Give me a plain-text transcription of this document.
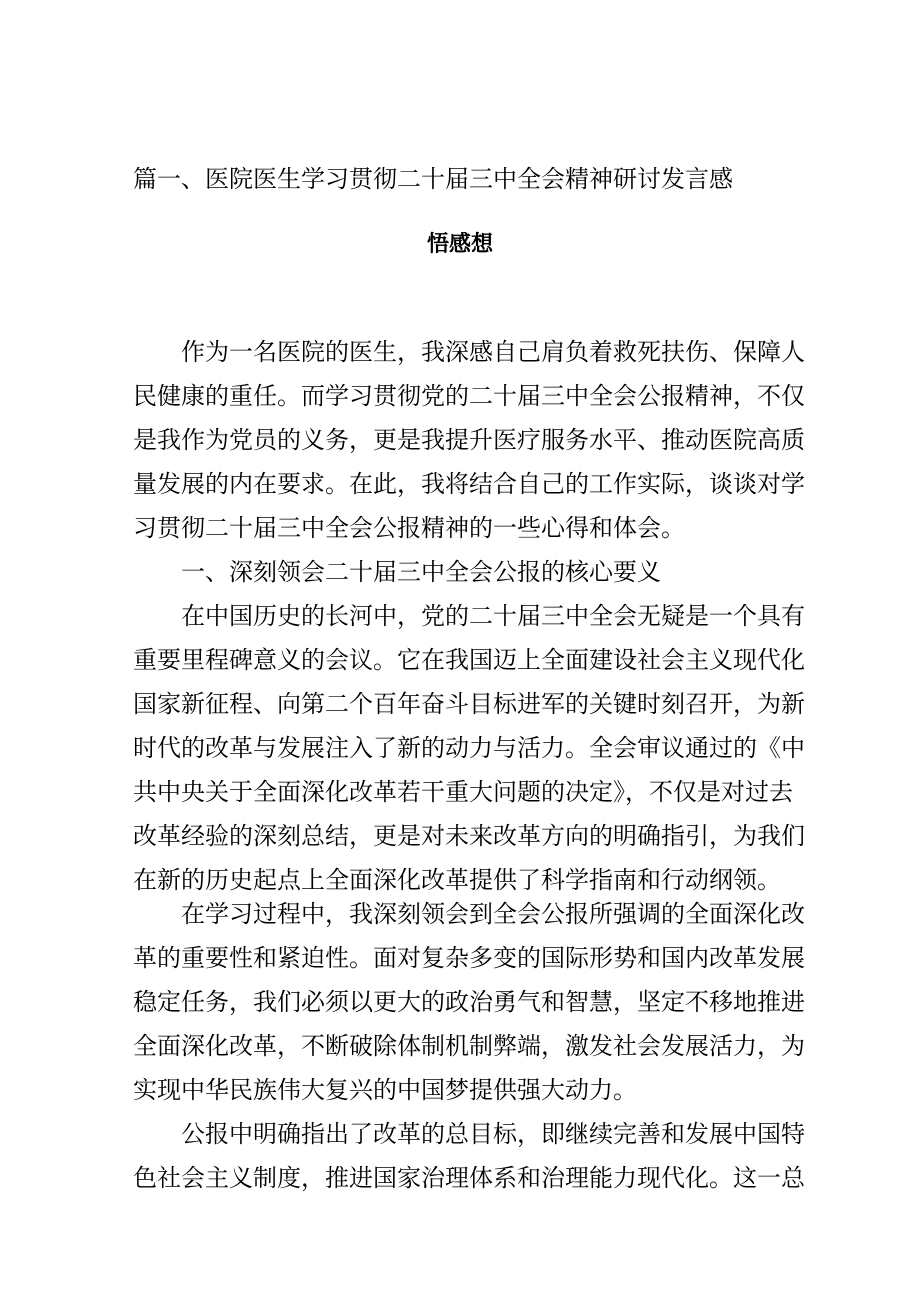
篇一、医院医生学习贯彻二十届三中全会精神研讨发言感
悟感想
作为一名医院的医生，我深感自己肩负着救死扶伤、保障人
民健康的重任。而学习贯彻党的二十届三中全会公报精神，不仅
是我作为党员的义务，更是我提升医疗服务水平、推动医院高质
量发展的内在要求。在此，我将结合自己的工作实际，谈谈对学
习贯彻二十届三中全会公报精神的一些心得和体会。
一、深刻领会二十届三中全会公报的核心要义
在中国历史的长河中，党的二十届三中全会无疑是一个具有
重要里程碑意义的会议。它在我国迈上全面建设社会主义现代化
国家新征程、向第二个百年奋斗目标进军的关键时刻召开，为新
时代的改革与发展注入了新的动力与活力。全会审议通过的《中
共中央关于全面深化改革若干重大问题的决定》，不仅是对过去
改革经验的深刻总结，更是对未来改革方向的明确指引，为我们
在新的历史起点上全面深化改革提供了科学指南和行动纲领。
在学习过程中，我深刻领会到全会公报所强调的全面深化改
革的重要性和紧迫性。面对复杂多变的国际形势和国内改革发展
稳定任务，我们必须以更大的政治勇气和智慧，坚定不移地推进
全面深化改革，不断破除体制机制弊端，激发社会发展活力，为
实现中华民族伟大复兴的中国梦提供强大动力。
公报中明确指出了改革的总目标，即继续完善和发展中国特
色社会主义制度，推进国家治理体系和治理能力现代化。这一总
